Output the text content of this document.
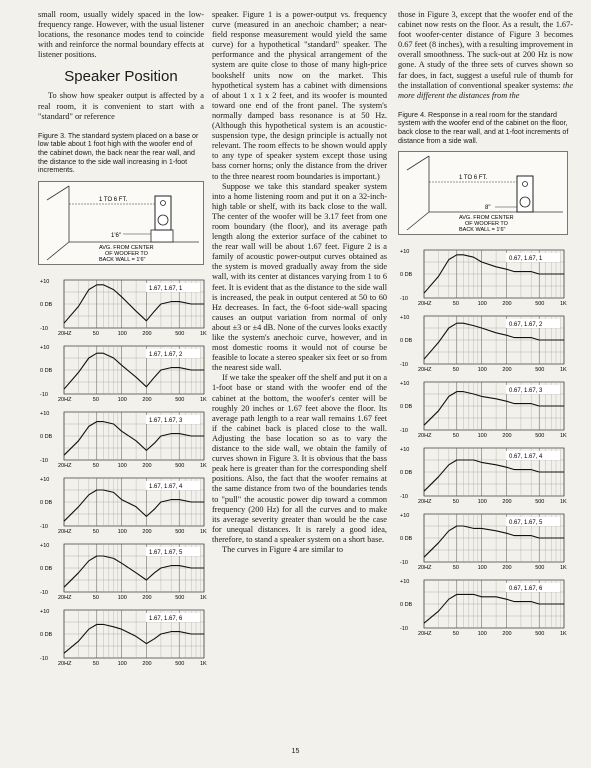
small room, usually widely spaced in the low-frequency range. However, with the usual listener locations, the resonance modes tend to coincide with and reinforce the normal boundary effects at listener positions.

Speaker Position

To show how speaker output is affected by a real room, it is convenient to start with a "standard" or reference

Figure 3. The standard system placed on a base or low table about 1 foot high with the woofer end of the cabinet down, the back near the rear wall, and the distance to the side wall increasing in 1-foot increments.
1 TO 6 FT.
1'6"
AVG. FROM CENTER
OF WOOFER TO
BACK WALL = 1'6"
+10
0 DB
-10
20HZ	50	100	200	500	1K
1.67, 1.67, 1
+10
0 DB
-10
20HZ	50	100	200	500	1K
1.67, 1.67, 2
+10
0 DB
-10
20HZ	50	100	200	500	1K
1.67, 1.67, 3
+10
0 DB
-10
20HZ	50	100	200	500	1K
1.67, 1.67, 4
+10
0 DB
-10
20HZ	50	100	200	500	1K
1.67, 1.67, 5
+10
0 DB
-10
20HZ	50	100	200	500	1K
1.67, 1.67, 6

speaker. Figure 1 is a power-output vs. frequency curve (measured in an anechoic chamber; a near-field response measurement would yield the same curve) for a hypothetical "standard" speaker. The performance and the physical arrangement of the system are quite close to those of many high-price bookshelf units now on the market. This hypothetical system has a cabinet with dimensions of about 1 x 1 x 2 feet, and its woofer is mounted toward one end of the front panel. The system's normally damped bass resonance is at 50 Hz. (Although this hypothetical system is an acoustic-suspension type, the design principle is actually not relevant. The room effects to be shown would apply to any type of speaker system except those using bass corner horns; only the distance from the driver to the three nearest room boundaries is important.)

Suppose we take this standard speaker system into a home listening room and put it on a 32-inch-high table or shelf, with its back close to the wall. The center of the woofer will be 3.17 feet from one room boundary (the floor), and its average path length along the exterior surface of the cabinet to the rear wall will be about 1.67 feet. Figure 2 is a family of acoustic power-output curves obtained as the system is moved gradually away from the side wall, with its center at distances varying from 1 to 6 feet. It is evident that as the distance to the side wall is increased, the peak in output centered at 50 to 60 Hz decreases. In fact, the 6-foot side-wall spacing causes an output variation from normal of only about ±3 or ±4 dB. None of the curves looks exactly like the system's anechoic curve, however, and in most domestic rooms it would not of course be feasible to locate a stereo speaker six feet or so from the nearest side wall.

If we take the speaker off the shelf and put it on a 1-foot base or stand with the woofer end of the cabinet at the bottom, the woofer's center will be roughly 20 inches or 1.67 feet above the floor. Its average path length to a rear wall remains 1.67 feet if the cabinet back is placed close to the wall. Adjusting the base location so as to vary the distance to the side wall, we obtain the family of curves shown in Figure 3. It is obvious that the bass peak here is greater than for the corresponding shelf positions. Also, the fact that the woofer remains at the same distance from two of the boundaries tends to "pull" the acoustic power dip toward a common frequency (200 Hz) for all the curves and to make its average severity greater than would be the case for unequal distances. It is rarely a good idea, therefore, to stand a speaker system on a short base.

The curves in Figure 4 are similar to

those in Figure 3, except that the woofer end of the cabinet now rests on the floor. As a result, the 1.67-foot woofer-center distance of Figure 3 becomes 0.67 feet (8 inches), with a resulting improvement in overall smoothness. The suck-out at 200 Hz is now gone. A study of the three sets of curves shown so far does, in fact, suggest a useful rule of thumb for the installation of conventional speaker systems: the more different the distances from the

Figure 4. Response in a real room for the standard system with the woofer end of the cabinet on the floor, back close to the rear wall, and at 1-foot increments of distance from a side wall.
1 TO 6 FT.
8"
AVG. FROM CENTER
OF WOOFER TO
BACK WALL = 1'6"
+10
0 DB
-10
20HZ	50	100	200	500	1K
0.67, 1.67, 1
+10
0 DB
-10
20HZ	50	100	200	500	1K
0.67, 1.67, 2
+10
0 DB
-10
20HZ	50	100	200	500	1K
0.67, 1.67, 3
+10
0 DB
-10
20HZ	50	100	200	500	1K
0.67, 1.67, 4
+10
0 DB
-10
20HZ	50	100	200	500	1K
0.67, 1.67, 5
+10
0 DB
-10
20HZ	50	100	200	500	1K
0.67, 1.67, 6
15
